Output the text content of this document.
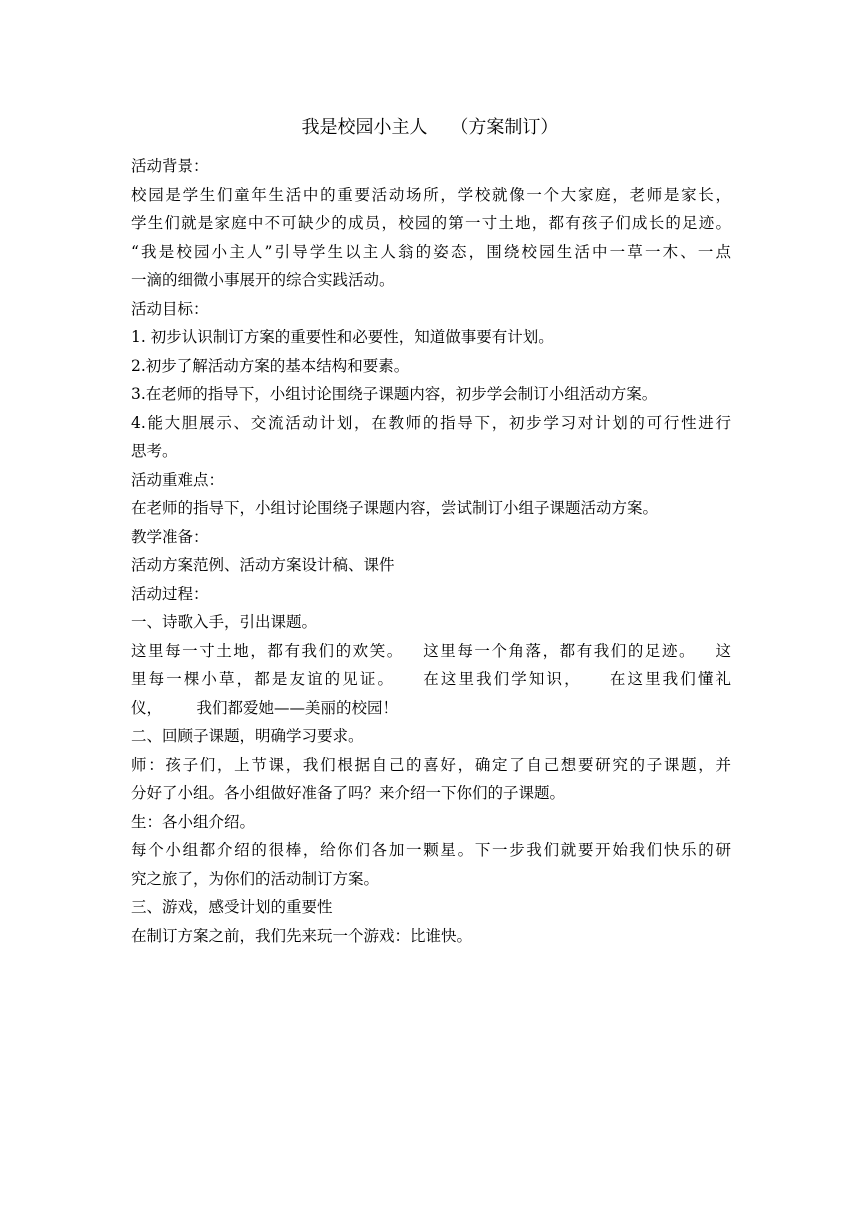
我是校园小主人    （方案制订）
活动背景：
校园是学生们童年生活中的重要活动场所，学校就像一个大家庭，老师是家长，
学生们就是家庭中不可缺少的成员，校园的第一寸土地，都有孩子们成长的足迹。
“我是校园小主人”引导学生以主人翁的姿态，围绕校园生活中一草一木、一点
一滴的细微小事展开的综合实践活动。
活动目标：
1. 初步认识制订方案的重要性和必要性，知道做事要有计划。
2.初步了解活动方案的基本结构和要素。
3.在老师的指导下，小组讨论围绕子课题内容，初步学会制订小组活动方案。
4.能大胆展示、交流活动计划，在教师的指导下，初步学习对计划的可行性进行
思考。
活动重难点：
在老师的指导下，小组讨论围绕子课题内容，尝试制订小组子课题活动方案。
教学准备：
活动方案范例、活动方案设计稿、课件
活动过程：
一、诗歌入手，引出课题。
这里每一寸土地，都有我们的欢笑。   这里每一个角落，都有我们的足迹。   这
里每一棵小草，都是友谊的见证。    在这里我们学知识，    在这里我们懂礼
仪，       我们都爱她——美丽的校园！
二、回顾子课题，明确学习要求。
师：孩子们，上节课，我们根据自己的喜好，确定了自己想要研究的子课题，并
分好了小组。各小组做好准备了吗？来介绍一下你们的子课题。
生：各小组介绍。
每个小组都介绍的很棒，给你们各加一颗星。下一步我们就要开始我们快乐的研
究之旅了，为你们的活动制订方案。
三、游戏，感受计划的重要性
在制订方案之前，我们先来玩一个游戏：比谁快。
